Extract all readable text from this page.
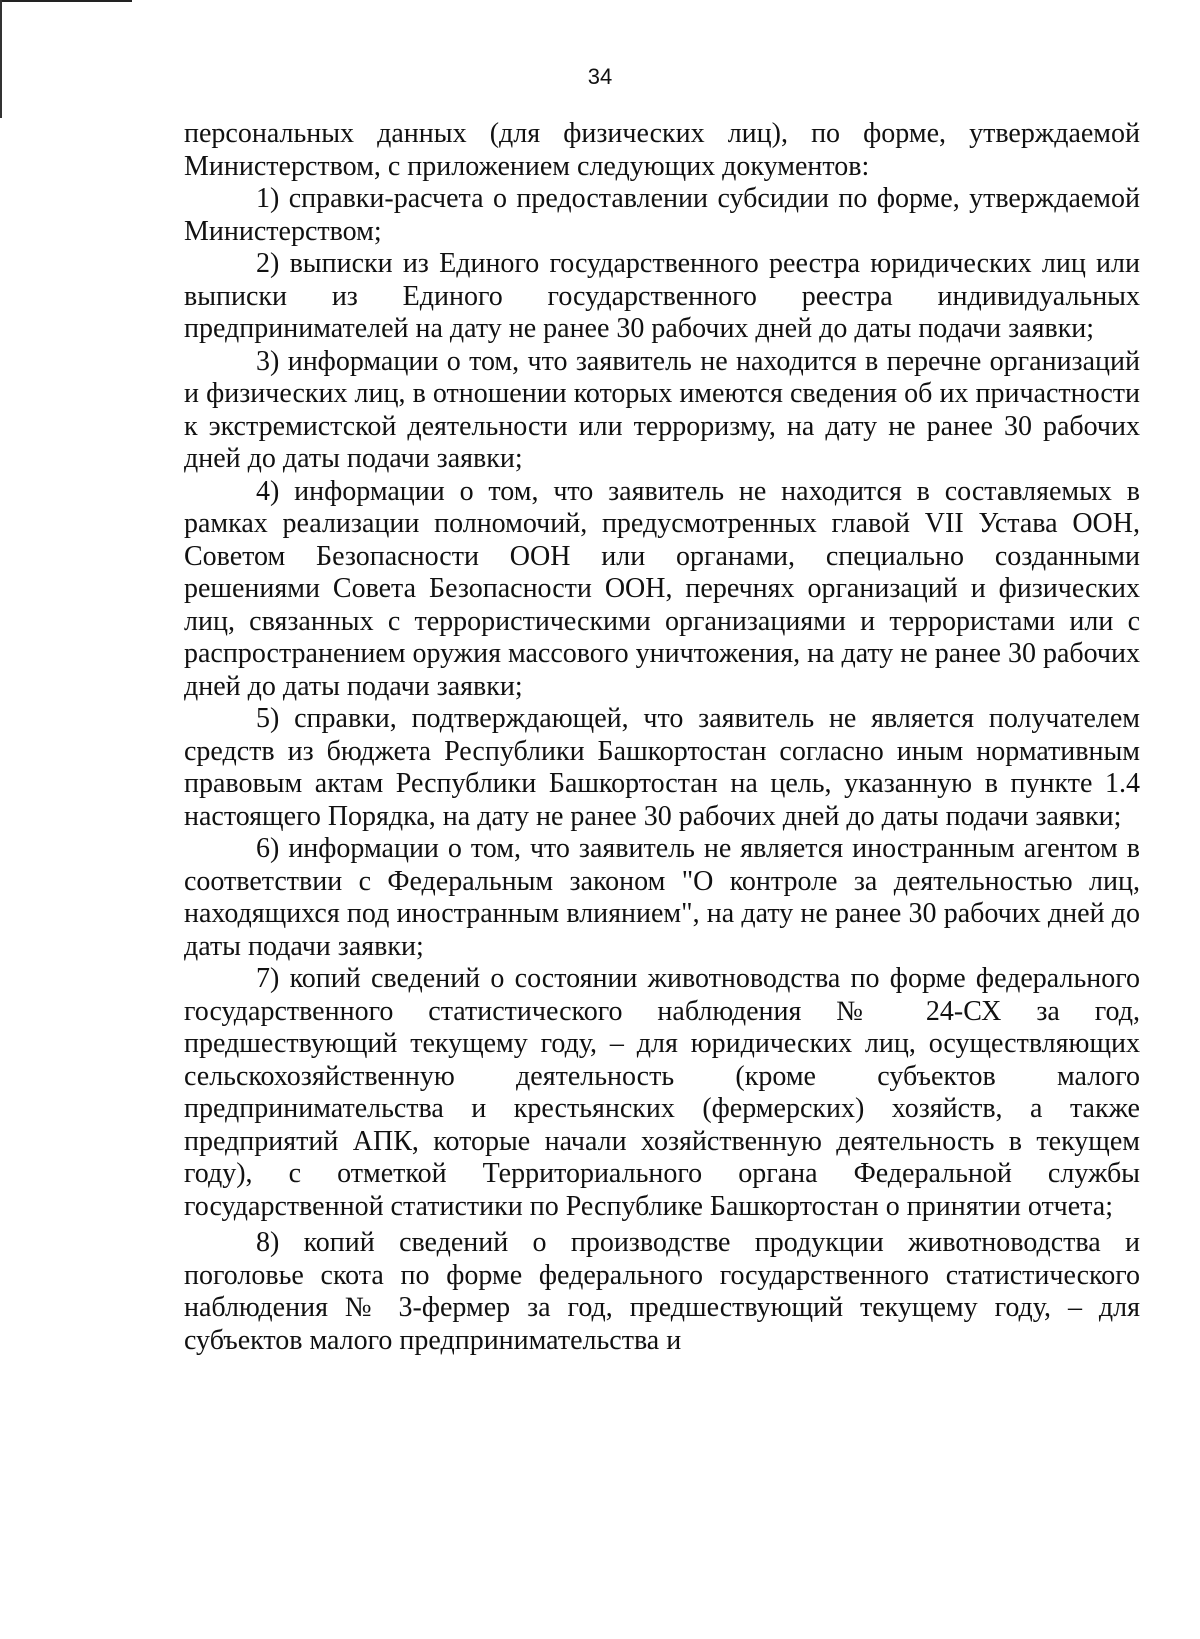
34

персональных данных (для физических лиц), по форме, утверждаемой Министерством, с приложением следующих документов:

1) справки-расчета о предоставлении субсидии по форме, утверждаемой Министерством;

2) выписки из Единого государственного реестра юридических лиц или выписки из Единого государственного реестра индивидуальных предпринимателей на дату не ранее 30 рабочих дней до даты подачи заявки;

3) информации о том, что заявитель не находится в перечне организаций и физических лиц, в отношении которых имеются сведения об их причастности к экстремистской деятельности или терроризму, на дату не ранее 30 рабочих дней до даты подачи заявки;

4) информации о том, что заявитель не находится в составляемых в рамках реализации полномочий, предусмотренных главой VII Устава ООН, Советом Безопасности ООН или органами, специально созданными решениями Совета Безопасности ООН, перечнях организаций и физических лиц, связанных с террористическими организациями и террористами или с распространением оружия массового уничтожения, на дату не ранее 30 рабочих дней до даты подачи заявки;

5) справки, подтверждающей, что заявитель не является получателем средств из бюджета Республики Башкортостан согласно иным нормативным правовым актам Республики Башкортостан на цель, указанную в пункте 1.4 настоящего Порядка, на дату не ранее 30 рабочих дней до даты подачи заявки;

6) информации о том, что заявитель не является иностранным агентом в соответствии с Федеральным законом "О контроле за деятельностью лиц, находящихся под иностранным влиянием", на дату не ранее 30 рабочих дней до даты подачи заявки;

7) копий сведений о состоянии животноводства по форме федерального государственного статистического наблюдения № 24-СХ за год, предшествующий текущему году, – для юридических лиц, осуществляющих сельскохозяйственную деятельность (кроме субъектов малого предпринимательства и крестьянских (фермерских) хозяйств, а также предприятий АПК, которые начали хозяйственную деятельность в текущем году), с отметкой Территориального органа Федеральной службы государственной статистики по Республике Башкортостан о принятии отчета;

8) копий сведений о производстве продукции животноводства и поголовье скота по форме федерального государственного статистического наблюдения № 3-фермер за год, предшествующий текущему году, – для субъектов малого предпринимательства и
